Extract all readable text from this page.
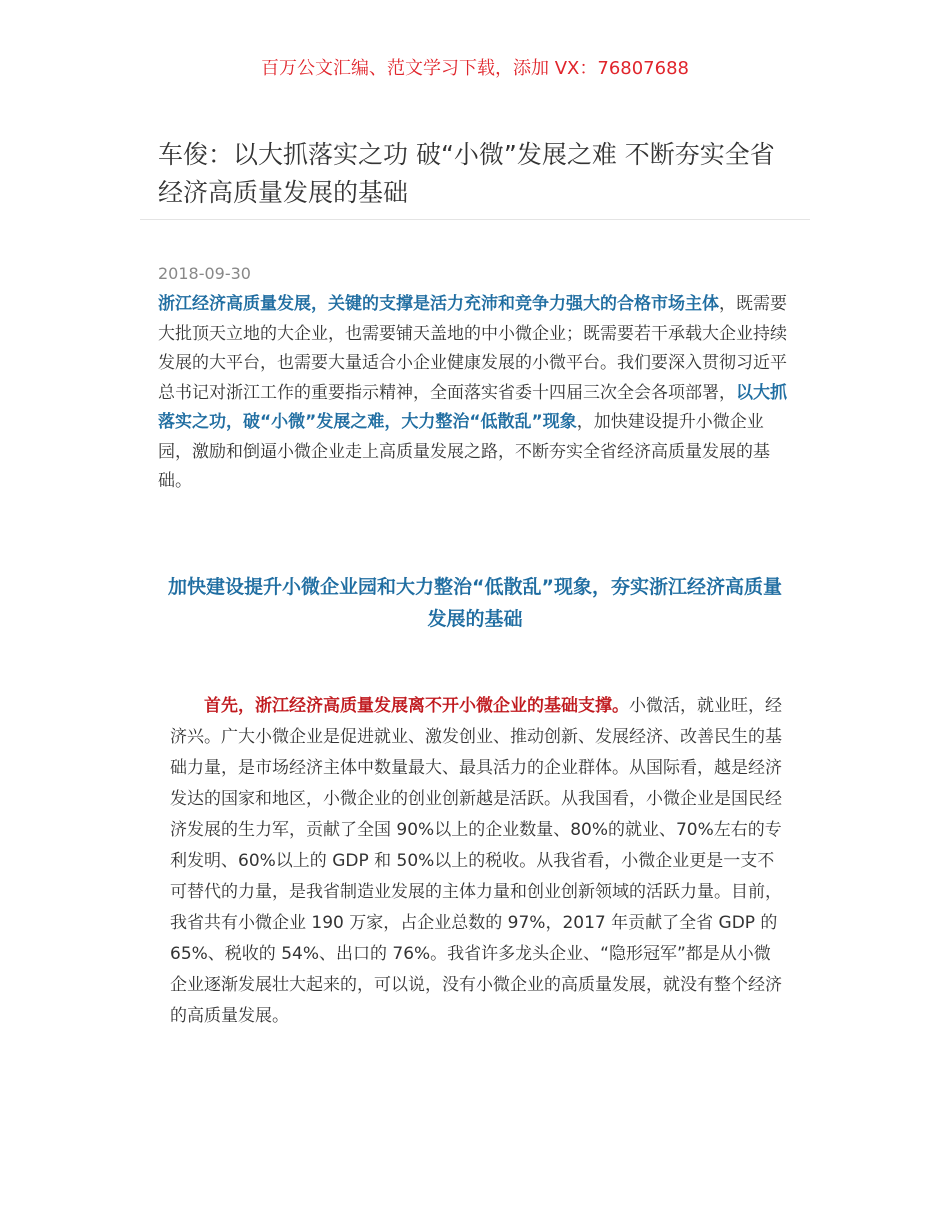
百万公文汇编、范文学习下载，添加 VX：76807688
车俊：以大抓落实之功 破“小微”发展之难 不断夯实全省经济高质量发展的基础
2018-09-30

浙江经济高质量发展，关键的支撑是活力充沛和竞争力强大的合格市场主体，既需要大批顶天立地的大企业，也需要铺天盖地的中小微企业；既需要若干承载大企业持续发展的大平台，也需要大量适合小企业健康发展的小微平台。我们要深入贯彻习近平总书记对浙江工作的重要指示精神，全面落实省委十四届三次全会各项部署，以大抓落实之功，破“小微”发展之难，大力整治“低散乱”现象，加快建设提升小微企业园，激励和倒逼小微企业走上高质量发展之路，不断夯实全省经济高质量发展的基础。

加快建设提升小微企业园和大力整治“低散乱”现象，夯实浙江经济高质量发展的基础

首先，浙江经济高质量发展离不开小微企业的基础支撑。小微活，就业旺，经济兴。广大小微企业是促进就业、激发创业、推动创新、发展经济、改善民生的基础力量，是市场经济主体中数量最大、最具活力的企业群体。从国际看，越是经济发达的国家和地区，小微企业的创业创新越是活跃。从我国看，小微企业是国民经济发展的生力军，贡献了全国 90%以上的企业数量、80%的就业、70%左右的专利发明、60%以上的 GDP 和 50%以上的税收。从我省看，小微企业更是一支不可替代的力量，是我省制造业发展的主体力量和创业创新领域的活跃力量。目前，我省共有小微企业 190 万家，占企业总数的 97%，2017 年贡献了全省 GDP 的 65%、税收的 54%、出口的 76%。我省许多龙头企业、“隐形冠军”都是从小微企业逐渐发展壮大起来的，可以说，没有小微企业的高质量发展，就没有整个经济的高质量发展。
